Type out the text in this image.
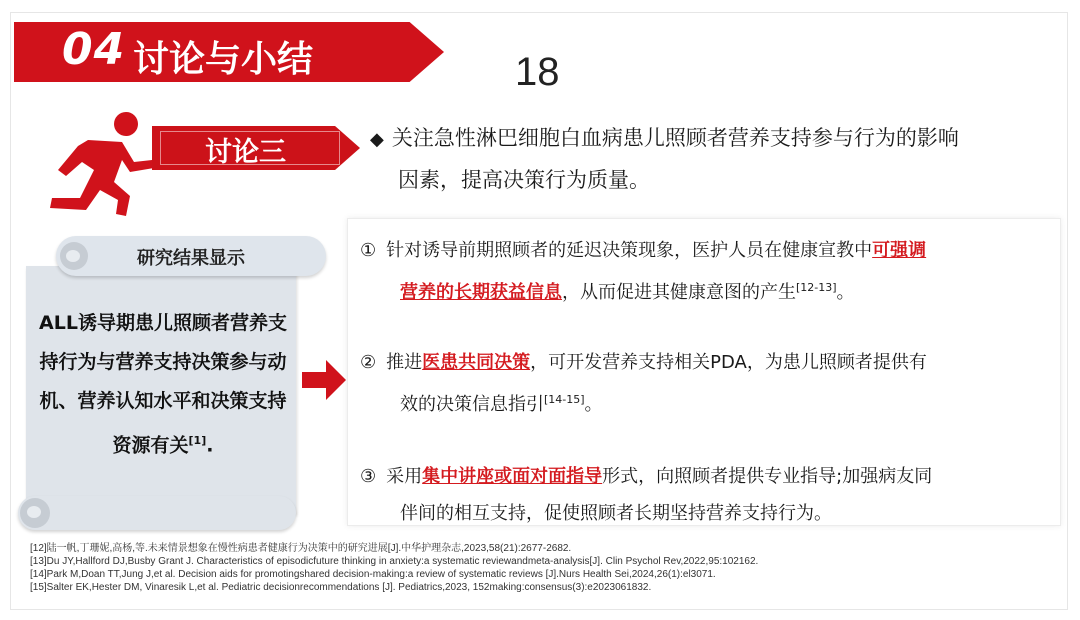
04 讨论与小结	18
讨论三	◆ 关注急性淋巴细胞白血病患儿照顾者营养支持参与行为的影响
因素，提高决策行为质量。
研究结果显示
ALL诱导期患儿照顾者营养支持行为与营养支持决策参与动机、营养认知水平和决策支持资源有关[1].
① 针对诱导前期照顾者的延迟决策现象，医护人员在健康宣教中可强调
营养的长期获益信息，从而促进其健康意图的产生[12-13]。
② 推进医患共同决策，可开发营养支持相关PDA，为患儿照顾者提供有
效的决策信息指引[14-15]。
③ 采用集中讲座或面对面指导形式，向照顾者提供专业指导;加强病友同
伴间的相互支持，促使照顾者长期坚持营养支持行为。
[12]陆一帆,丁珊妮,高杨,等.未来情景想象在慢性病患者健康行为决策中的研究进展[J].中华护理杂志,2023,58(21):2677-2682.
[13]Du JY,Hallford DJ,Busby Grant J. Characteristics of episodicfuture thinking in anxiety:a systematic reviewandmeta-analysis[J]. Clin Psychol Rev,2022,95:102162.
[14]Park M,Doan TT,Jung J,et al. Decision aids for promotingshared decision-making:a review of systematic reviews [J].Nurs Health Sei,2024,26(1):el3071.
[15]Salter EK,Hester DM, Vinaresik L,et al. Pediatric decisionrecommendations [J]. Pediatrics,2023, 152making:consensus(3):e2023061832.
